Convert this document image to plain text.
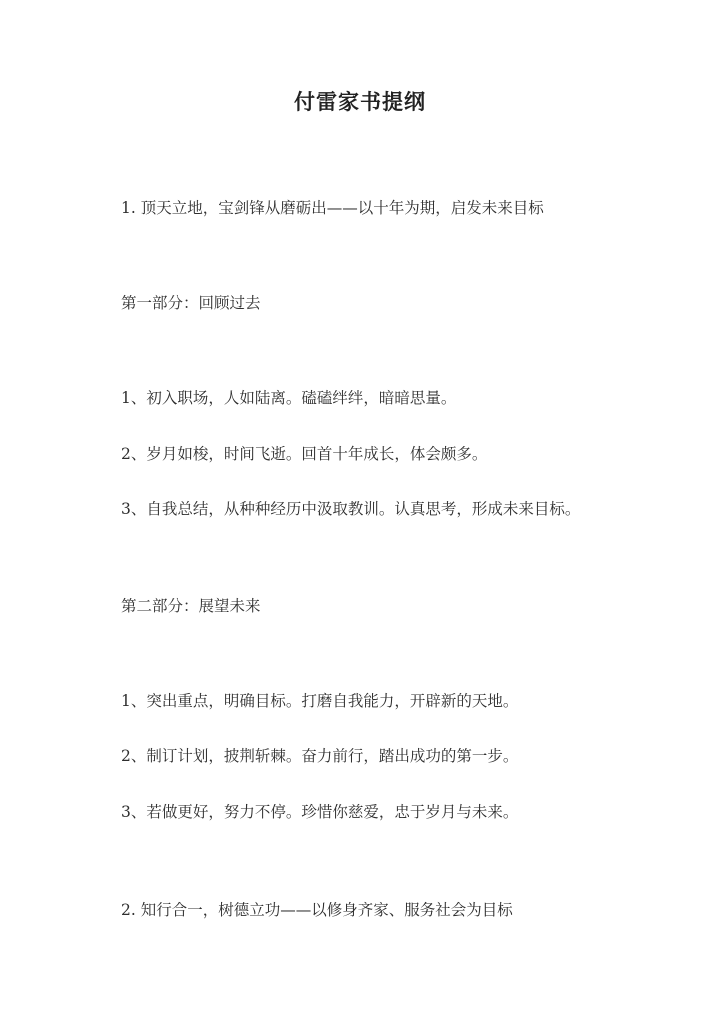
付雷家书提纲
1. 顶天立地，宝剑锋从磨砺出——以十年为期，启发未来目标
第一部分：回顾过去
1、初入职场，人如陆离。磕磕绊绊，暗暗思量。
2、岁月如梭，时间飞逝。回首十年成长，体会颇多。
3、自我总结，从种种经历中汲取教训。认真思考，形成未来目标。
第二部分：展望未来
1、突出重点，明确目标。打磨自我能力，开辟新的天地。
2、制订计划，披荆斩棘。奋力前行，踏出成功的第一步。
3、若做更好，努力不停。珍惜你慈爱，忠于岁月与未来。
2. 知行合一，树德立功——以修身齐家、服务社会为目标
